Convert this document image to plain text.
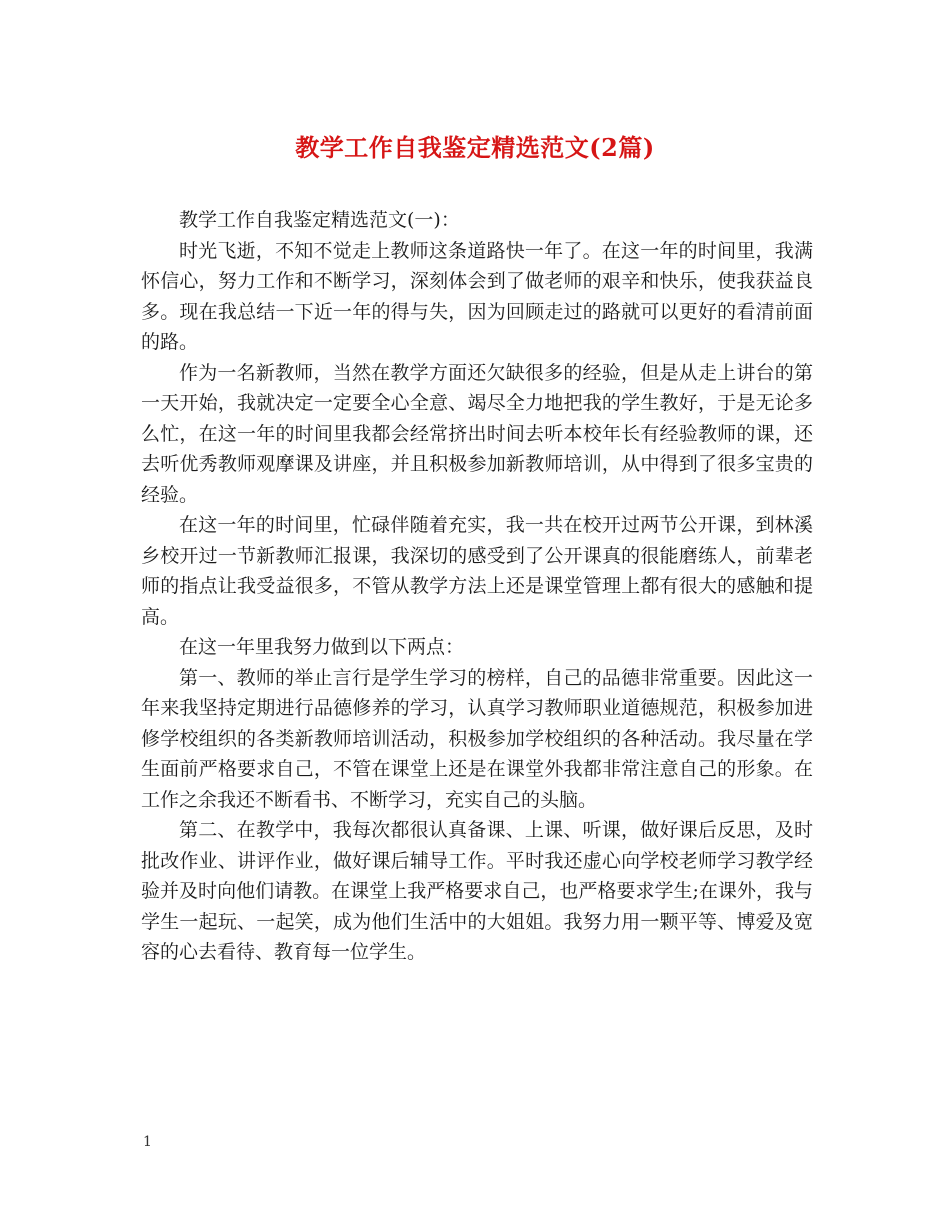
教学工作自我鉴定精选范文(2篇)

教学工作自我鉴定精选范文(一)：

时光飞逝，不知不觉走上教师这条道路快一年了。在这一年的时间里，我满怀信心，努力工作和不断学习，深刻体会到了做老师的艰辛和快乐，使我获益良多。现在我总结一下近一年的得与失，因为回顾走过的路就可以更好的看清前面的路。

作为一名新教师，当然在教学方面还欠缺很多的经验，但是从走上讲台的第一天开始，我就决定一定要全心全意、竭尽全力地把我的学生教好，于是无论多么忙，在这一年的时间里我都会经常挤出时间去听本校年长有经验教师的课，还去听优秀教师观摩课及讲座，并且积极参加新教师培训，从中得到了很多宝贵的经验。

在这一年的时间里，忙碌伴随着充实，我一共在校开过两节公开课，到林溪乡校开过一节新教师汇报课，我深切的感受到了公开课真的很能磨练人，前辈老师的指点让我受益很多，不管从教学方法上还是课堂管理上都有很大的感触和提高。

在这一年里我努力做到以下两点：

第一、教师的举止言行是学生学习的榜样，自己的品德非常重要。因此这一年来我坚持定期进行品德修养的学习，认真学习教师职业道德规范，积极参加进修学校组织的各类新教师培训活动，积极参加学校组织的各种活动。我尽量在学生面前严格要求自己，不管在课堂上还是在课堂外我都非常注意自己的形象。在工作之余我还不断看书、不断学习，充实自己的头脑。

第二、在教学中，我每次都很认真备课、上课、听课，做好课后反思，及时批改作业、讲评作业，做好课后辅导工作。平时我还虚心向学校老师学习教学经验并及时向他们请教。在课堂上我严格要求自己，也严格要求学生;在课外，我与学生一起玩、一起笑，成为他们生活中的大姐姐。我努力用一颗平等、博爱及宽容的心去看待、教育每一位学生。

1
